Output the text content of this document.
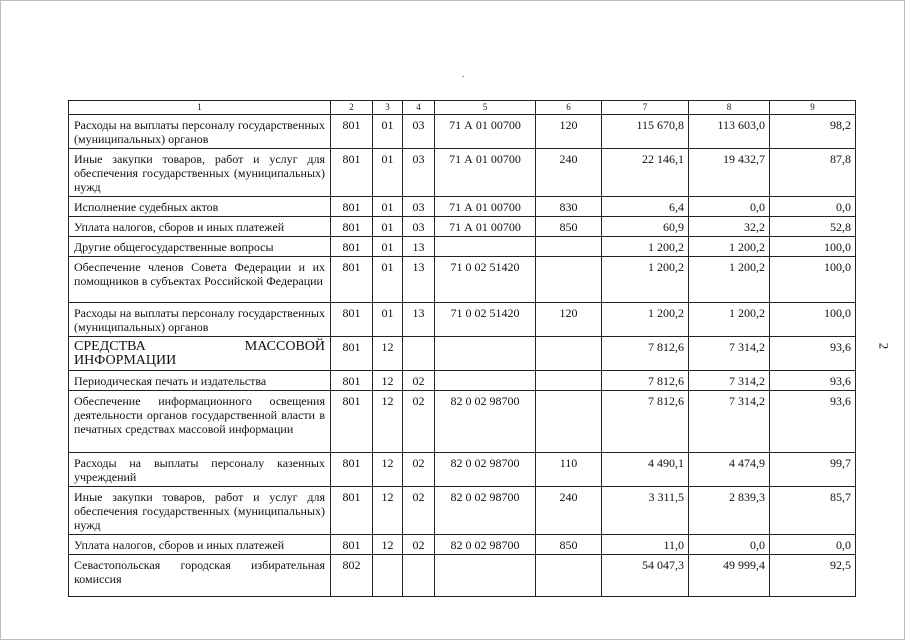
1	2	3	4	5	6	7	8	9
Расходы на выплаты персоналу государственных (муниципальных) органов	801	01	03	71 А 01 00700	120	115 670,8	113 603,0	98,2
Иные закупки товаров, работ и услуг для обеспечения государственных (муниципальных) нужд	801	01	03	71 А 01 00700	240	22 146,1	19 432,7	87,8
Исполнение судебных актов	801	01	03	71 А 01 00700	830	6,4	0,0	0,0
Уплата налогов, сборов и иных платежей	801	01	03	71 А 01 00700	850	60,9	32,2	52,8
Другие общегосударственные вопросы	801	01	13			1 200,2	1 200,2	100,0
Обеспечение членов Совета Федерации и их помощников в субъектах Российской Федерации	801	01	13	71 0 02 51420		1 200,2	1 200,2	100,0
Расходы на выплаты персоналу государственных (муниципальных) органов	801	01	13	71 0 02 51420	120	1 200,2	1 200,2	100,0
СРЕДСТВА МАССОВОЙ ИНФОРМАЦИИ	801	12				7 812,6	7 314,2	93,6
Периодическая печать и издательства	801	12	02			7 812,6	7 314,2	93,6
Обеспечение информационного освещения деятельности органов государственной власти в печатных средствах массовой информации	801	12	02	82 0 02 98700		7 812,6	7 314,2	93,6
Расходы на выплаты персоналу казенных учреждений	801	12	02	82 0 02 98700	110	4 490,1	4 474,9	99,7
Иные закупки товаров, работ и услуг для обеспечения государственных (муниципальных) нужд	801	12	02	82 0 02 98700	240	3 311,5	2 839,3	85,7
Уплата налогов, сборов и иных платежей	801	12	02	82 0 02 98700	850	11,0	0,0	0,0
Севастопольская городская избирательная комиссия	802					54 047,3	49 999,4	92,5
2
